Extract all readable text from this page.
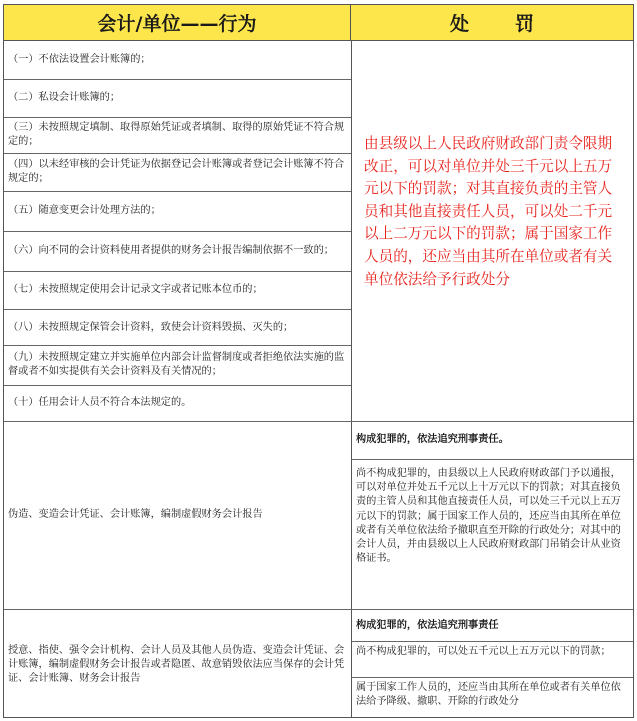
会计/单位——行为	处罚
（一）不依法设置会计账簿的；
（二）私设会计账簿的；
（三）未按照规定填制、取得原始凭证或者填制、取得的原始凭证不符合规定的；
（四）以未经审核的会计凭证为依据登记会计账簿或者登记会计账簿不符合规定的；
（五）随意变更会计处理方法的；
（六）向不同的会计资料使用者提供的财务会计报告编制依据不一致的；
（七）未按照规定使用会计记录文字或者记账本位币的；
（八）未按照规定保管会计资料，致使会计资料毁损、灭失的；
（九）未按照规定建立并实施单位内部会计监督制度或者拒绝依法实施的监督或者不如实提供有关会计资料及有关情况的；
（十）任用会计人员不符合本法规定的。
由县级以上人民政府财政部门责令限期改正，可以对单位并处三千元以上五万元以下的罚款；对其直接负责的主管人员和其他直接责任人员，可以处二千元以上二万元以下的罚款；属于国家工作人员的，还应当由其所在单位或者有关单位依法给予行政处分
伪造、变造会计凭证、会计账簿，编制虚假财务会计报告
构成犯罪的，依法追究刑事责任。
尚不构成犯罪的，由县级以上人民政府财政部门予以通报，可以对单位并处五千元以上十万元以下的罚款；对其直接负责的主管人员和其他直接责任人员，可以处三千元以上五万元以下的罚款；属于国家工作人员的，还应当由其所在单位或者有关单位依法给予撤职直至开除的行政处分；对其中的会计人员，并由县级以上人民政府财政部门吊销会计从业资格证书。
授意、指使、强令会计机构、会计人员及其他人员伪造、变造会计凭证、会计账簿，编制虚假财务会计报告或者隐匿、故意销毁依法应当保存的会计凭证、会计账簿、财务会计报告
构成犯罪的，依法追究刑事责任
尚不构成犯罪的，可以处五千元以上五万元以下的罚款；
属于国家工作人员的，还应当由其所在单位或者有关单位依法给予降级、撤职、开除的行政处分
